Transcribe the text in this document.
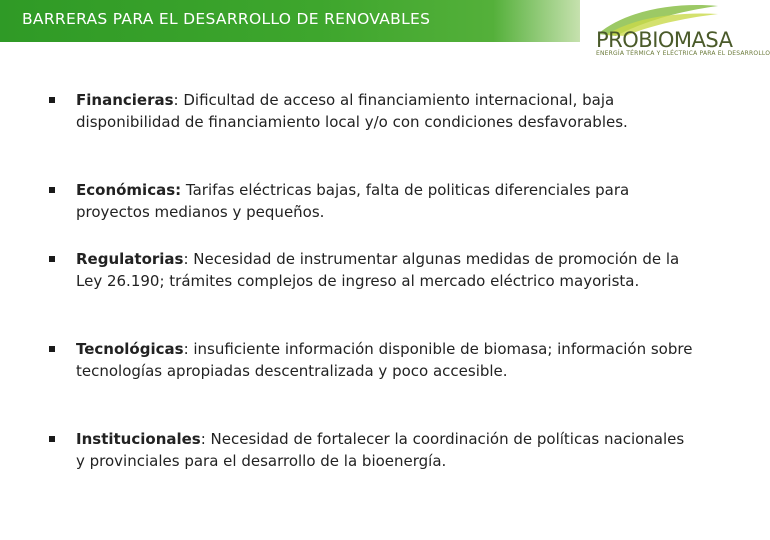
BARRERAS PARA EL DESARROLLO DE RENOVABLES
PROBIOMASA
ENERGÍA TÉRMICA Y ELÉCTRICA PARA EL DESARROLLO
Financieras: Dificultad de acceso al financiamiento internacional, baja disponibilidad de financiamiento local y/o con condiciones desfavorables.
Económicas: Tarifas eléctricas bajas, falta de politicas diferenciales para proyectos medianos y pequeños.
Regulatorias: Necesidad de instrumentar algunas medidas de promoción de la Ley 26.190; trámites complejos de ingreso al mercado eléctrico mayorista.
Tecnológicas: insuficiente información disponible de biomasa; información sobre tecnologías apropiadas descentralizada y poco accesible.
Institucionales: Necesidad de fortalecer la coordinación de políticas nacionales y provinciales para el desarrollo de la bioenergía.
